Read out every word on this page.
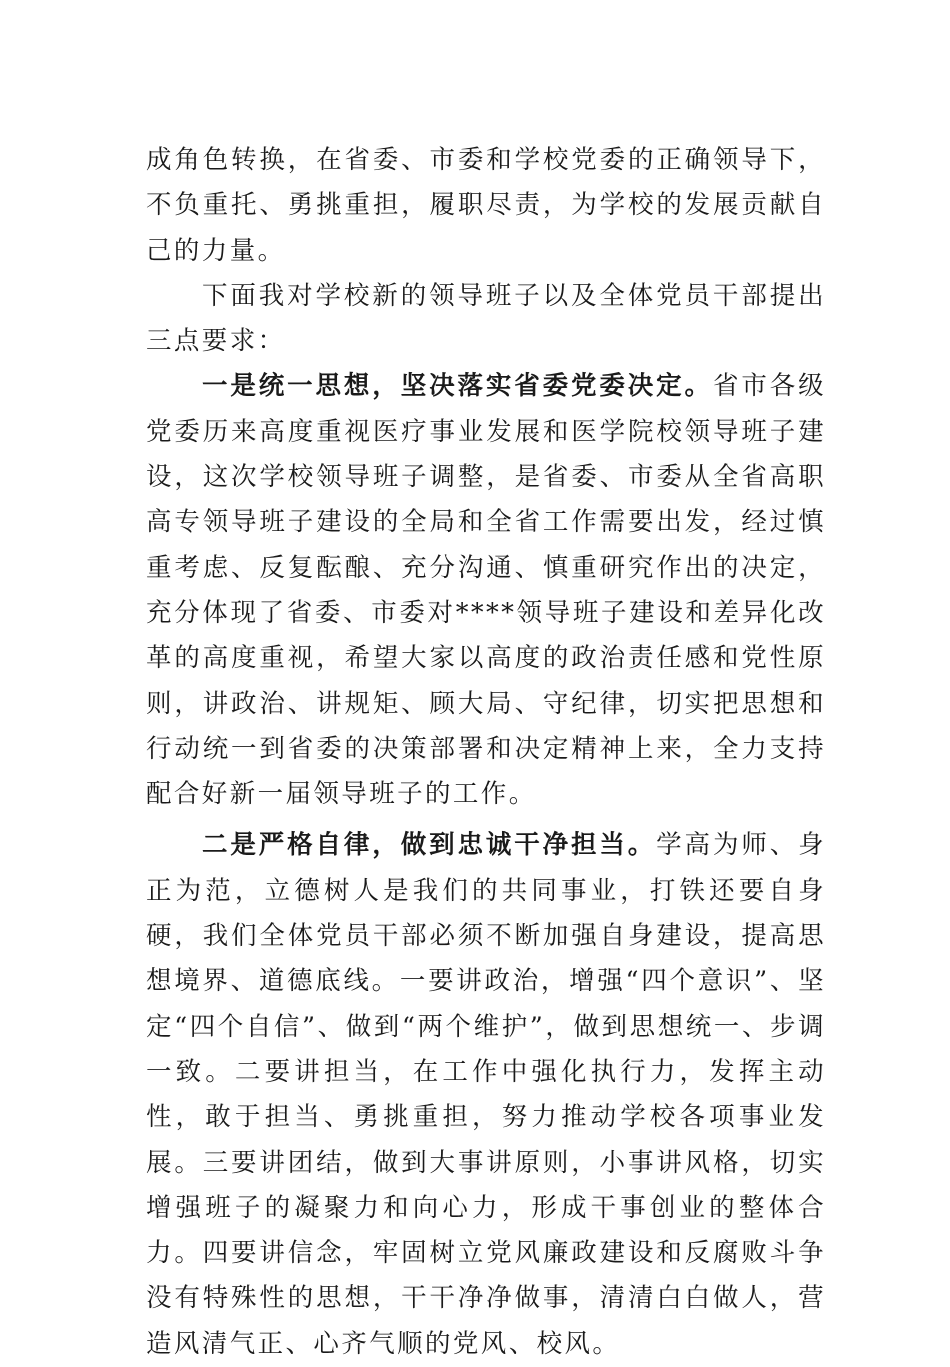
成角色转换，在省委、市委和学校党委的正确领导下，不负重托、勇挑重担，履职尽责，为学校的发展贡献自己的力量。

下面我对学校新的领导班子以及全体党员干部提出三点要求：

一是统一思想，坚决落实省委党委决定。省市各级党委历来高度重视医疗事业发展和医学院校领导班子建设，这次学校领导班子调整，是省委、市委从全省高职高专领导班子建设的全局和全省工作需要出发，经过慎重考虑、反复酝酿、充分沟通、慎重研究作出的决定，充分体现了省委、市委对****领导班子建设和差异化改革的高度重视，希望大家以高度的政治责任感和党性原则，讲政治、讲规矩、顾大局、守纪律，切实把思想和行动统一到省委的决策部署和决定精神上来，全力支持配合好新一届领导班子的工作。

二是严格自律，做到忠诚干净担当。学高为师、身正为范，立德树人是我们的共同事业，打铁还要自身硬，我们全体党员干部必须不断加强自身建设，提高思想境界、道德底线。一要讲政治，增强“四个意识”、坚定“四个自信”、做到“两个维护”，做到思想统一、步调一致。二要讲担当，在工作中强化执行力，发挥主动性，敢于担当、勇挑重担，努力推动学校各项事业发展。三要讲团结，做到大事讲原则，小事讲风格，切实增强班子的凝聚力和向心力，形成干事创业的整体合力。四要讲信念，牢固树立党风廉政建设和反腐败斗争没有特殊性的思想，干干净净做事，清清白白做人，营造风清气正、心齐气顺的党风、校风。
